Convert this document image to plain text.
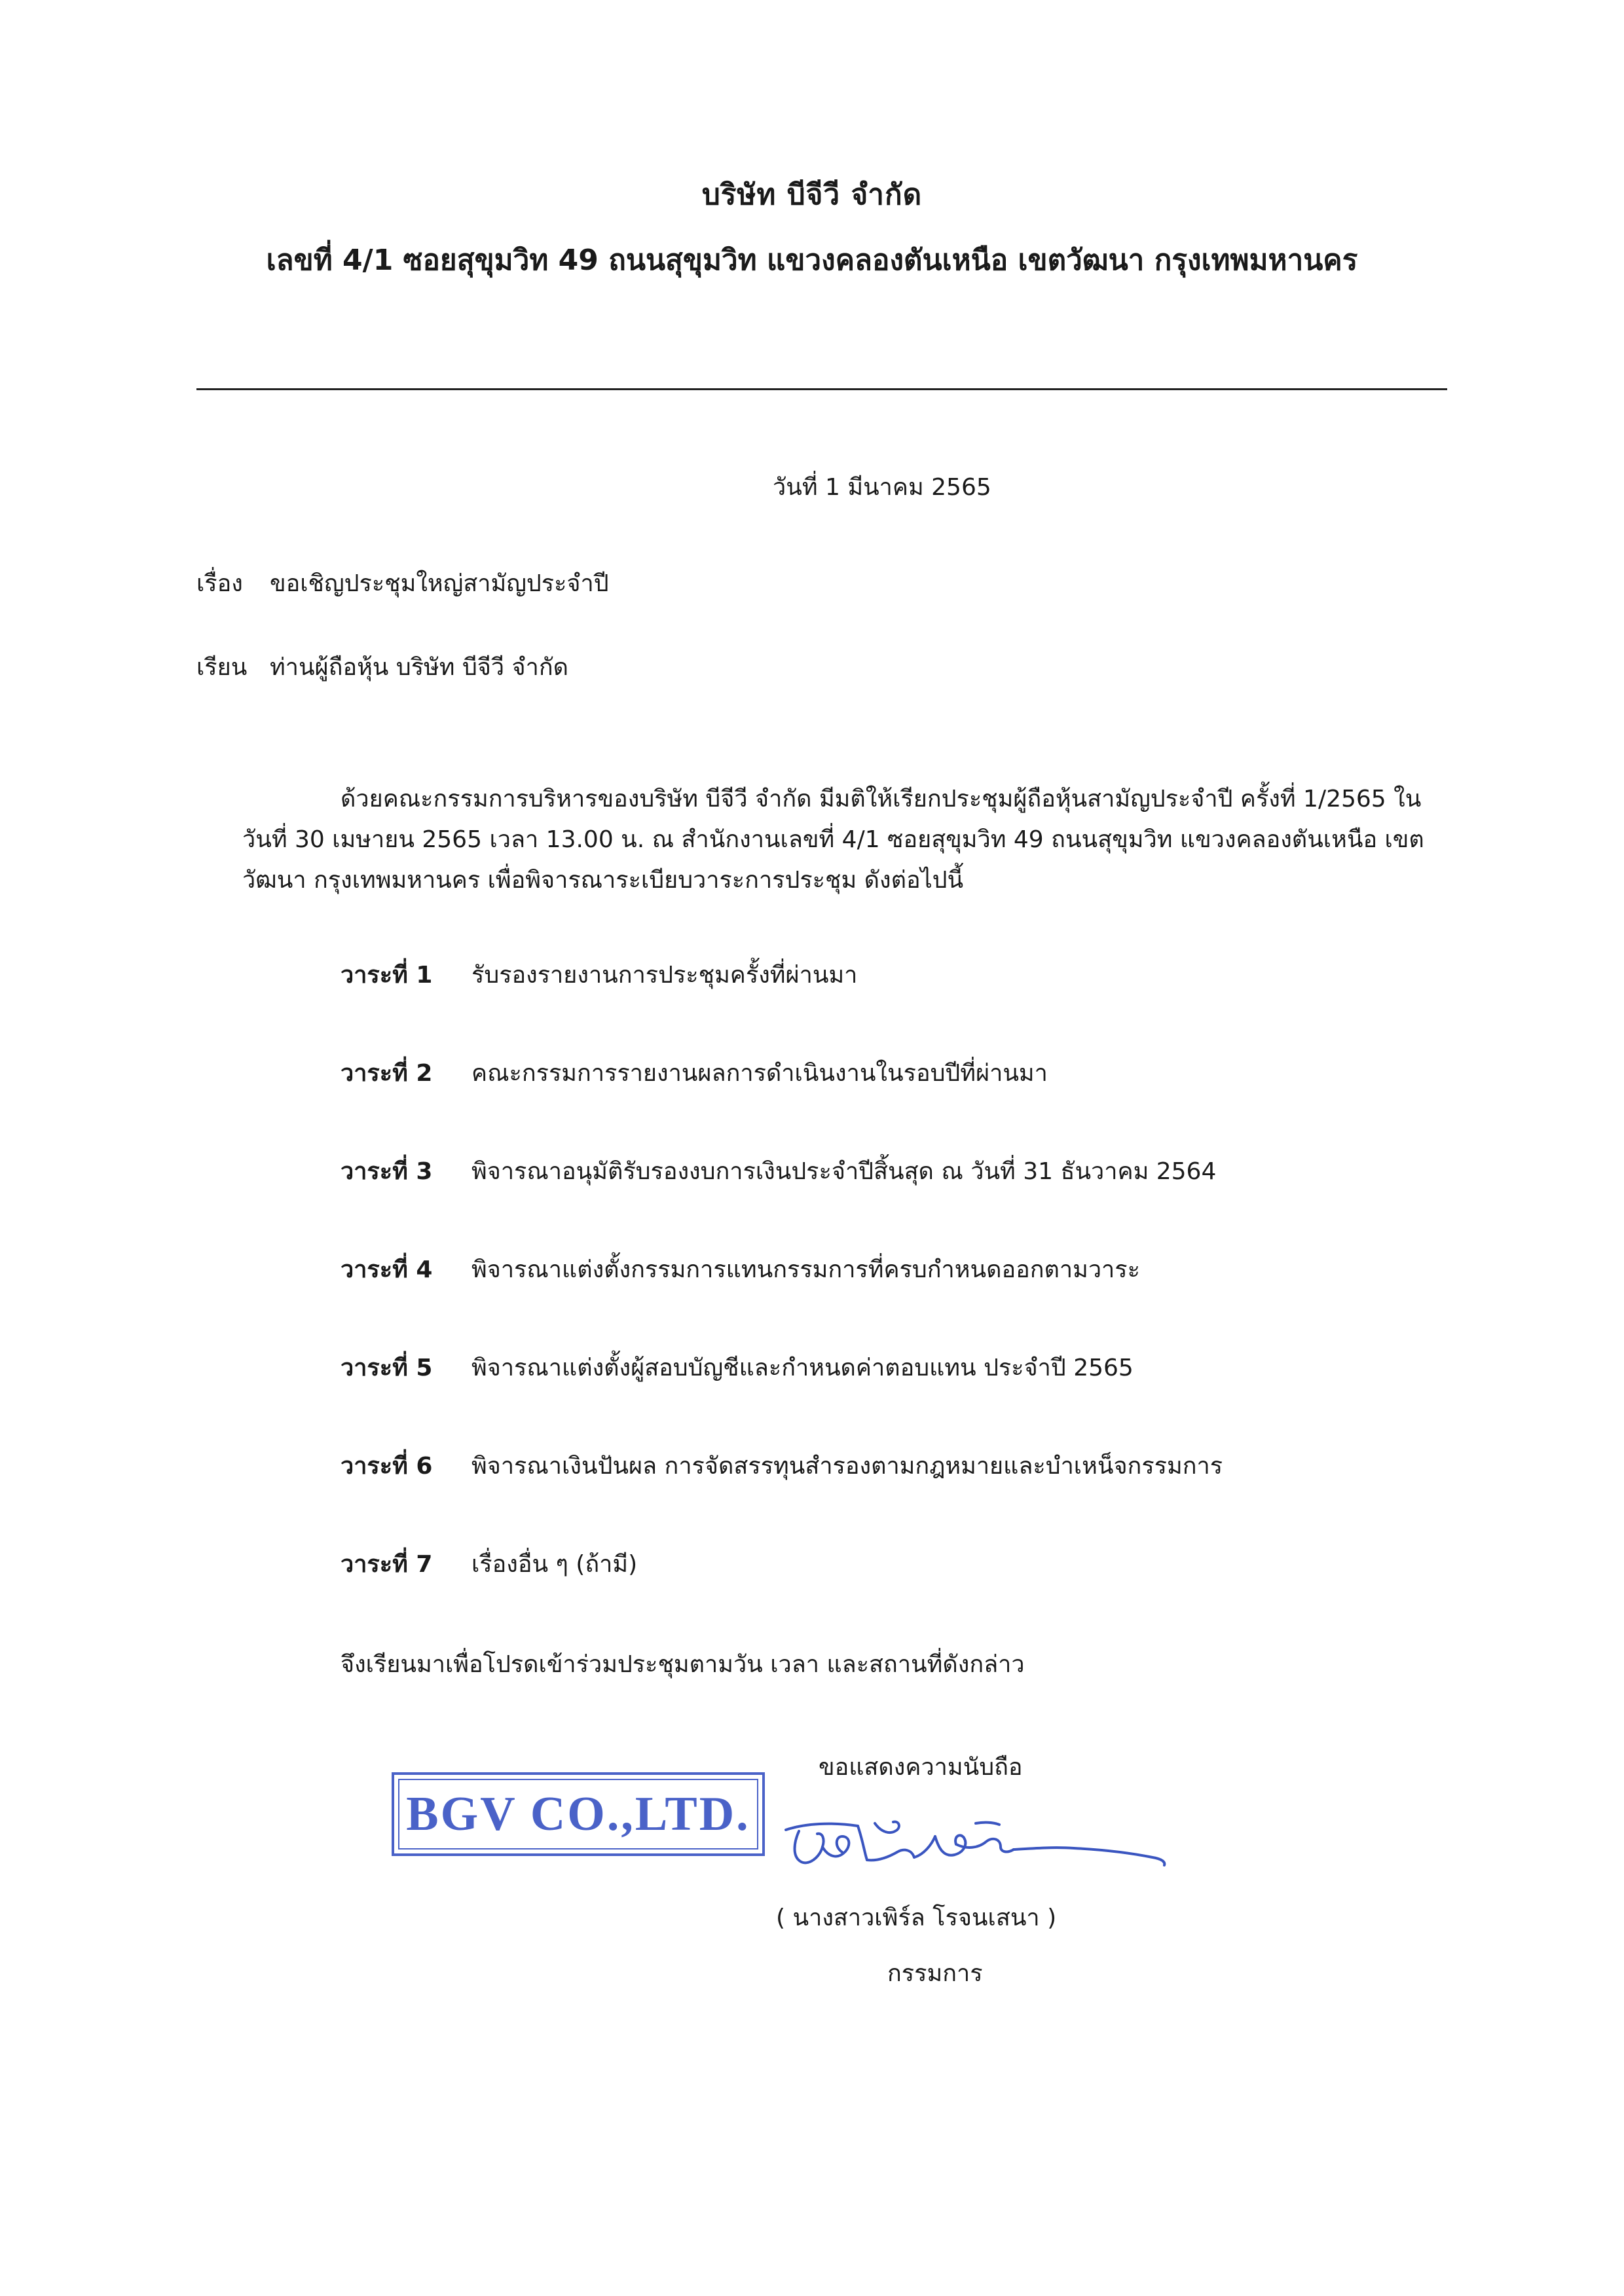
บริษัท บีจีวี จำกัด
เลขที่ 4/1 ซอยสุขุมวิท 49 ถนนสุขุมวิท แขวงคลองตันเหนือ เขตวัฒนา กรุงเทพมหานคร
วันที่ 1 มีนาคม 2565
เรื่อง ขอเชิญประชุมใหญ่สามัญประจำปี
เรียน ท่านผู้ถือหุ้น บริษัท บีจีวี จำกัด
ด้วยคณะกรรมการบริหารของบริษัท บีจีวี จำกัด มีมติให้เรียกประชุมผู้ถือหุ้นสามัญประจำปี ครั้งที่ 1/2565 ใน
วันที่ 30 เมษายน 2565 เวลา 13.00 น. ณ สำนักงานเลขที่ 4/1 ซอยสุขุมวิท 49 ถนนสุขุมวิท แขวงคลองตันเหนือ เขต
วัฒนา กรุงเทพมหานคร เพื่อพิจารณาระเบียบวาระการประชุม ดังต่อไปนี้
วาระที่ 1	รับรองรายงานการประชุมครั้งที่ผ่านมา
วาระที่ 2	คณะกรรมการรายงานผลการดำเนินงานในรอบปีที่ผ่านมา
วาระที่ 3	พิจารณาอนุมัติรับรองงบการเงินประจำปีสิ้นสุด ณ วันที่ 31 ธันวาคม 2564
วาระที่ 4	พิจารณาแต่งตั้งกรรมการแทนกรรมการที่ครบกำหนดออกตามวาระ
วาระที่ 5	พิจารณาแต่งตั้งผู้สอบบัญชีและกำหนดค่าตอบแทน ประจำปี 2565
วาระที่ 6	พิจารณาเงินปันผล การจัดสรรทุนสำรองตามกฎหมายและบำเหน็จกรรมการ
วาระที่ 7	เรื่องอื่น ๆ (ถ้ามี)
จึงเรียนมาเพื่อโปรดเข้าร่วมประชุมตามวัน เวลา และสถานที่ดังกล่าว
ขอแสดงความนับถือ
BGV CO.,LTD.
( นางสาวเพิร์ล โรจนเสนา )
กรรมการ
